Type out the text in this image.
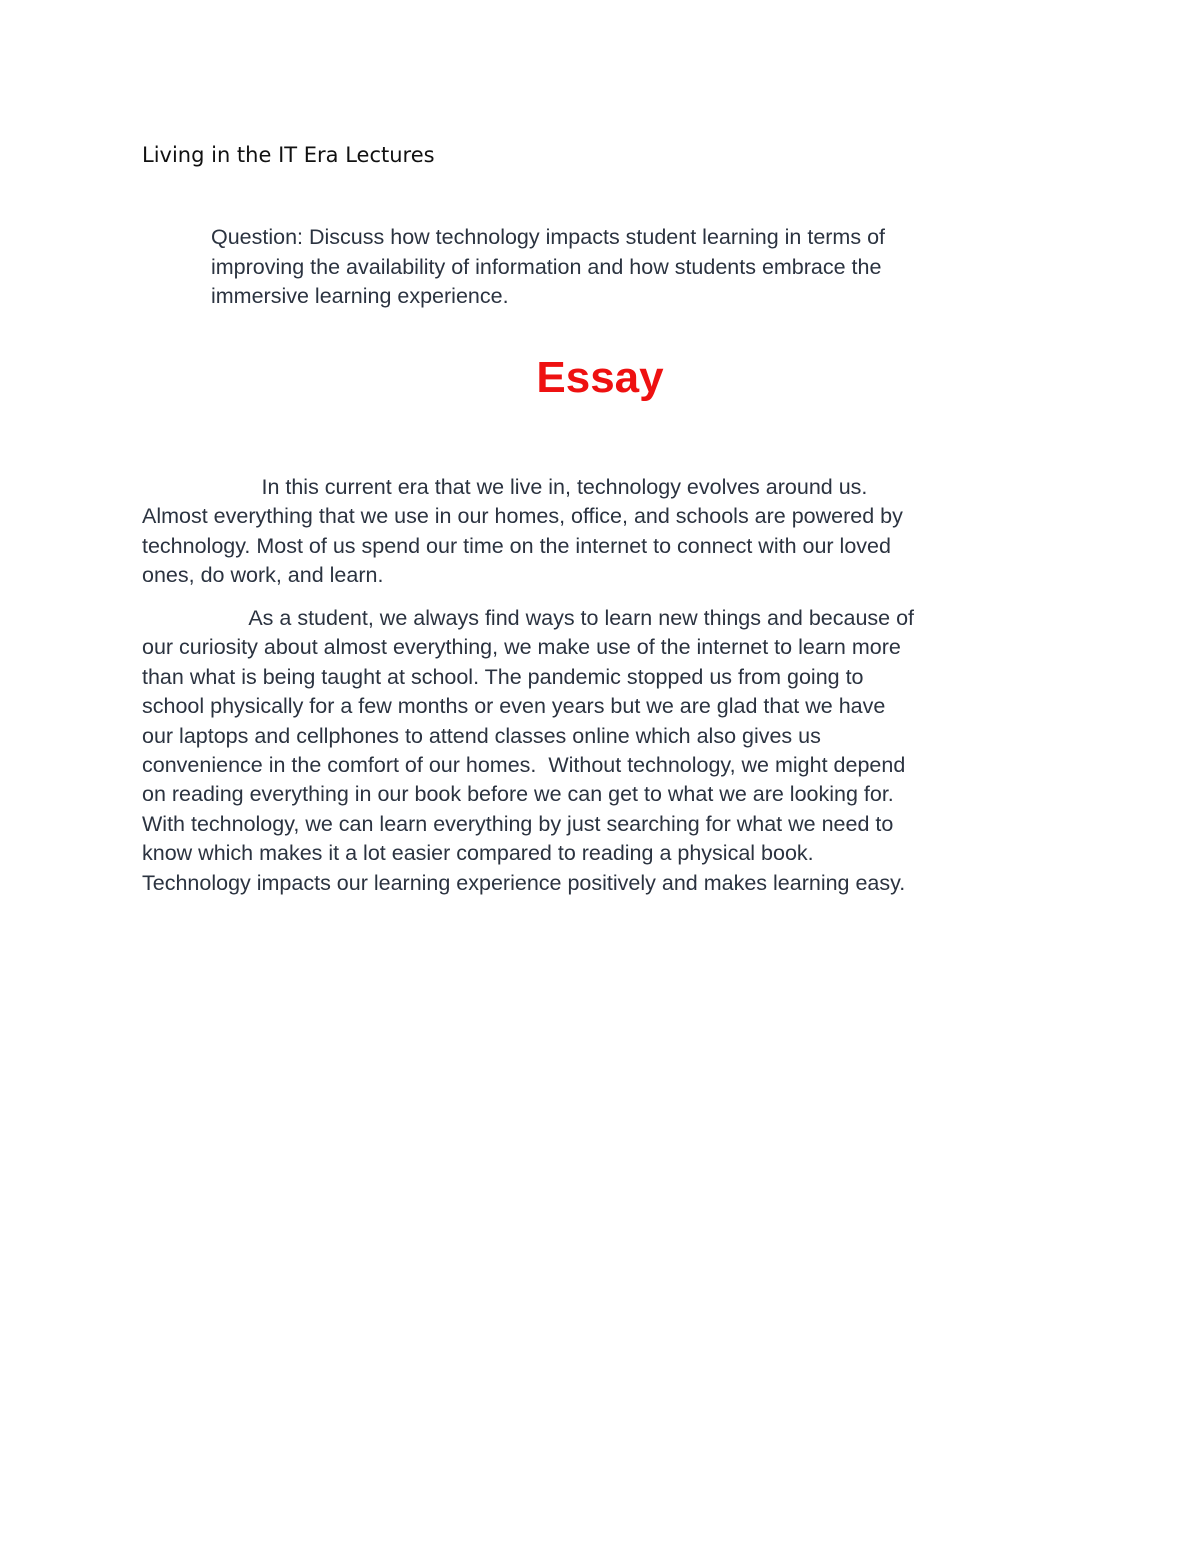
Living in the IT Era Lectures

Question: Discuss how technology impacts student learning in terms of
improving the availability of information and how students embrace the
immersive learning experience.

Essay

In this current era that we live in, technology evolves around us.
Almost everything that we use in our homes, office, and schools are powered by
technology. Most of us spend our time on the internet to connect with our loved
ones, do work, and learn.

As a student, we always find ways to learn new things and because of
our curiosity about almost everything, we make use of the internet to learn more
than what is being taught at school. The pandemic stopped us from going to
school physically for a few months or even years but we are glad that we have
our laptops and cellphones to attend classes online which also gives us
convenience in the comfort of our homes.  Without technology, we might depend
on reading everything in our book before we can get to what we are looking for.
With technology, we can learn everything by just searching for what we need to
know which makes it a lot easier compared to reading a physical book.
Technology impacts our learning experience positively and makes learning easy.
